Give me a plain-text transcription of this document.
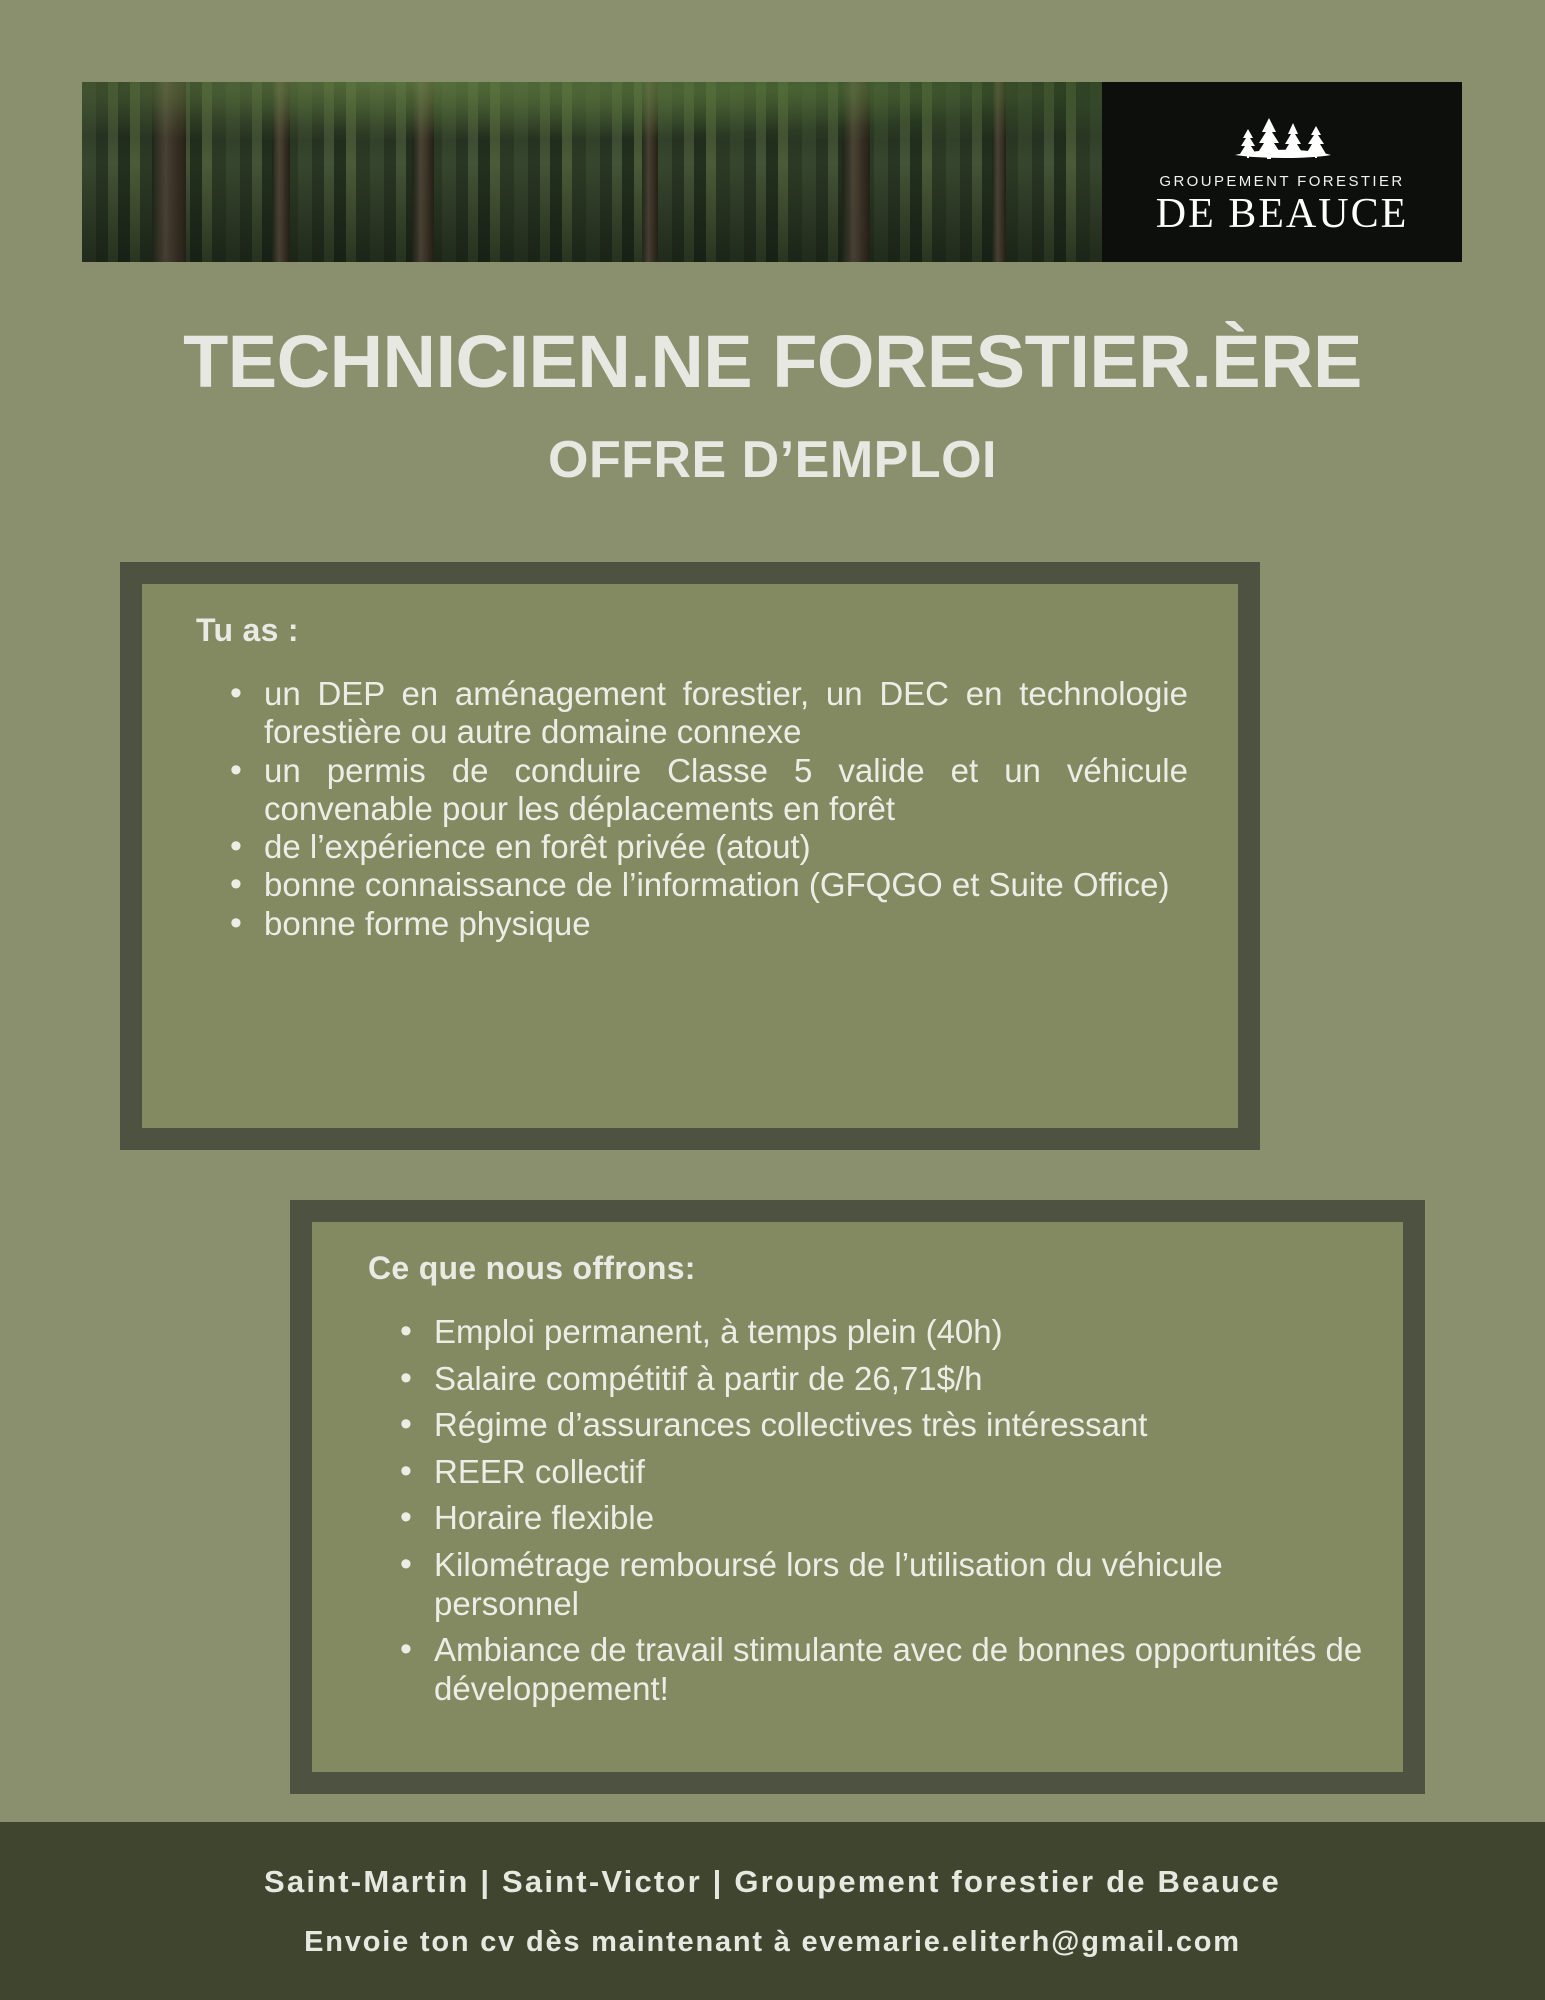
GROUPEMENT FORESTIER
DE BEAUCE
TECHNICIEN.NE FORESTIER.ÈRE
OFFRE D’EMPLOI
Tu as :
• un DEP en aménagement forestier, un DEC en technologie forestière ou autre domaine connexe
• un permis de conduire Classe 5 valide et un véhicule convenable pour les déplacements en forêt
• de l’expérience en forêt privée (atout)
• bonne connaissance de l’information (GFQGO et Suite Office)
• bonne forme physique
Ce que nous offrons:
• Emploi permanent, à temps plein (40h)
• Salaire compétitif à partir de 26,71$/h
• Régime d’assurances collectives très intéressant
• REER collectif
• Horaire flexible
• Kilométrage remboursé lors de l’utilisation du véhicule personnel
• Ambiance de travail stimulante avec de bonnes opportunités de développement!
Saint-Martin | Saint-Victor | Groupement forestier de Beauce
Envoie ton cv dès maintenant à evemarie.eliterh@gmail.com
